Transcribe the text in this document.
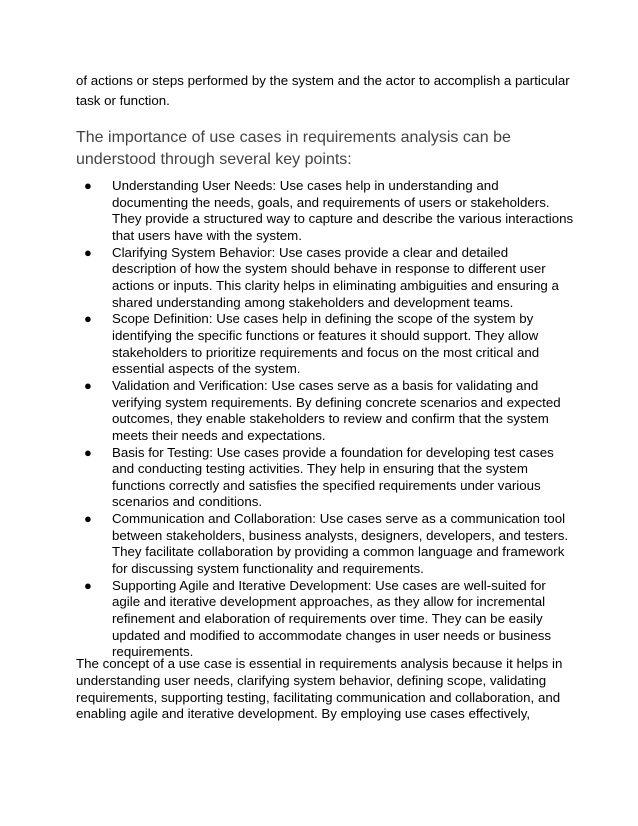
of actions or steps performed by the system and the actor to accomplish a particular task or function.

The importance of use cases in requirements analysis can be understood through several key points:
● Understanding User Needs: Use cases help in understanding and documenting the needs, goals, and requirements of users or stakeholders. They provide a structured way to capture and describe the various interactions that users have with the system.
● Clarifying System Behavior: Use cases provide a clear and detailed description of how the system should behave in response to different user actions or inputs. This clarity helps in eliminating ambiguities and ensuring a shared understanding among stakeholders and development teams.
● Scope Definition: Use cases help in defining the scope of the system by identifying the specific functions or features it should support. They allow stakeholders to prioritize requirements and focus on the most critical and essential aspects of the system.
● Validation and Verification: Use cases serve as a basis for validating and verifying system requirements. By defining concrete scenarios and expected outcomes, they enable stakeholders to review and confirm that the system meets their needs and expectations.
● Basis for Testing: Use cases provide a foundation for developing test cases and conducting testing activities. They help in ensuring that the system functions correctly and satisfies the specified requirements under various scenarios and conditions.
● Communication and Collaboration: Use cases serve as a communication tool between stakeholders, business analysts, designers, developers, and testers. They facilitate collaboration by providing a common language and framework for discussing system functionality and requirements.
● Supporting Agile and Iterative Development: Use cases are well-suited for agile and iterative development approaches, as they allow for incremental refinement and elaboration of requirements over time. They can be easily updated and modified to accommodate changes in user needs or business requirements.

The concept of a use case is essential in requirements analysis because it helps in understanding user needs, clarifying system behavior, defining scope, validating requirements, supporting testing, facilitating communication and collaboration, and enabling agile and iterative development. By employing use cases effectively,
